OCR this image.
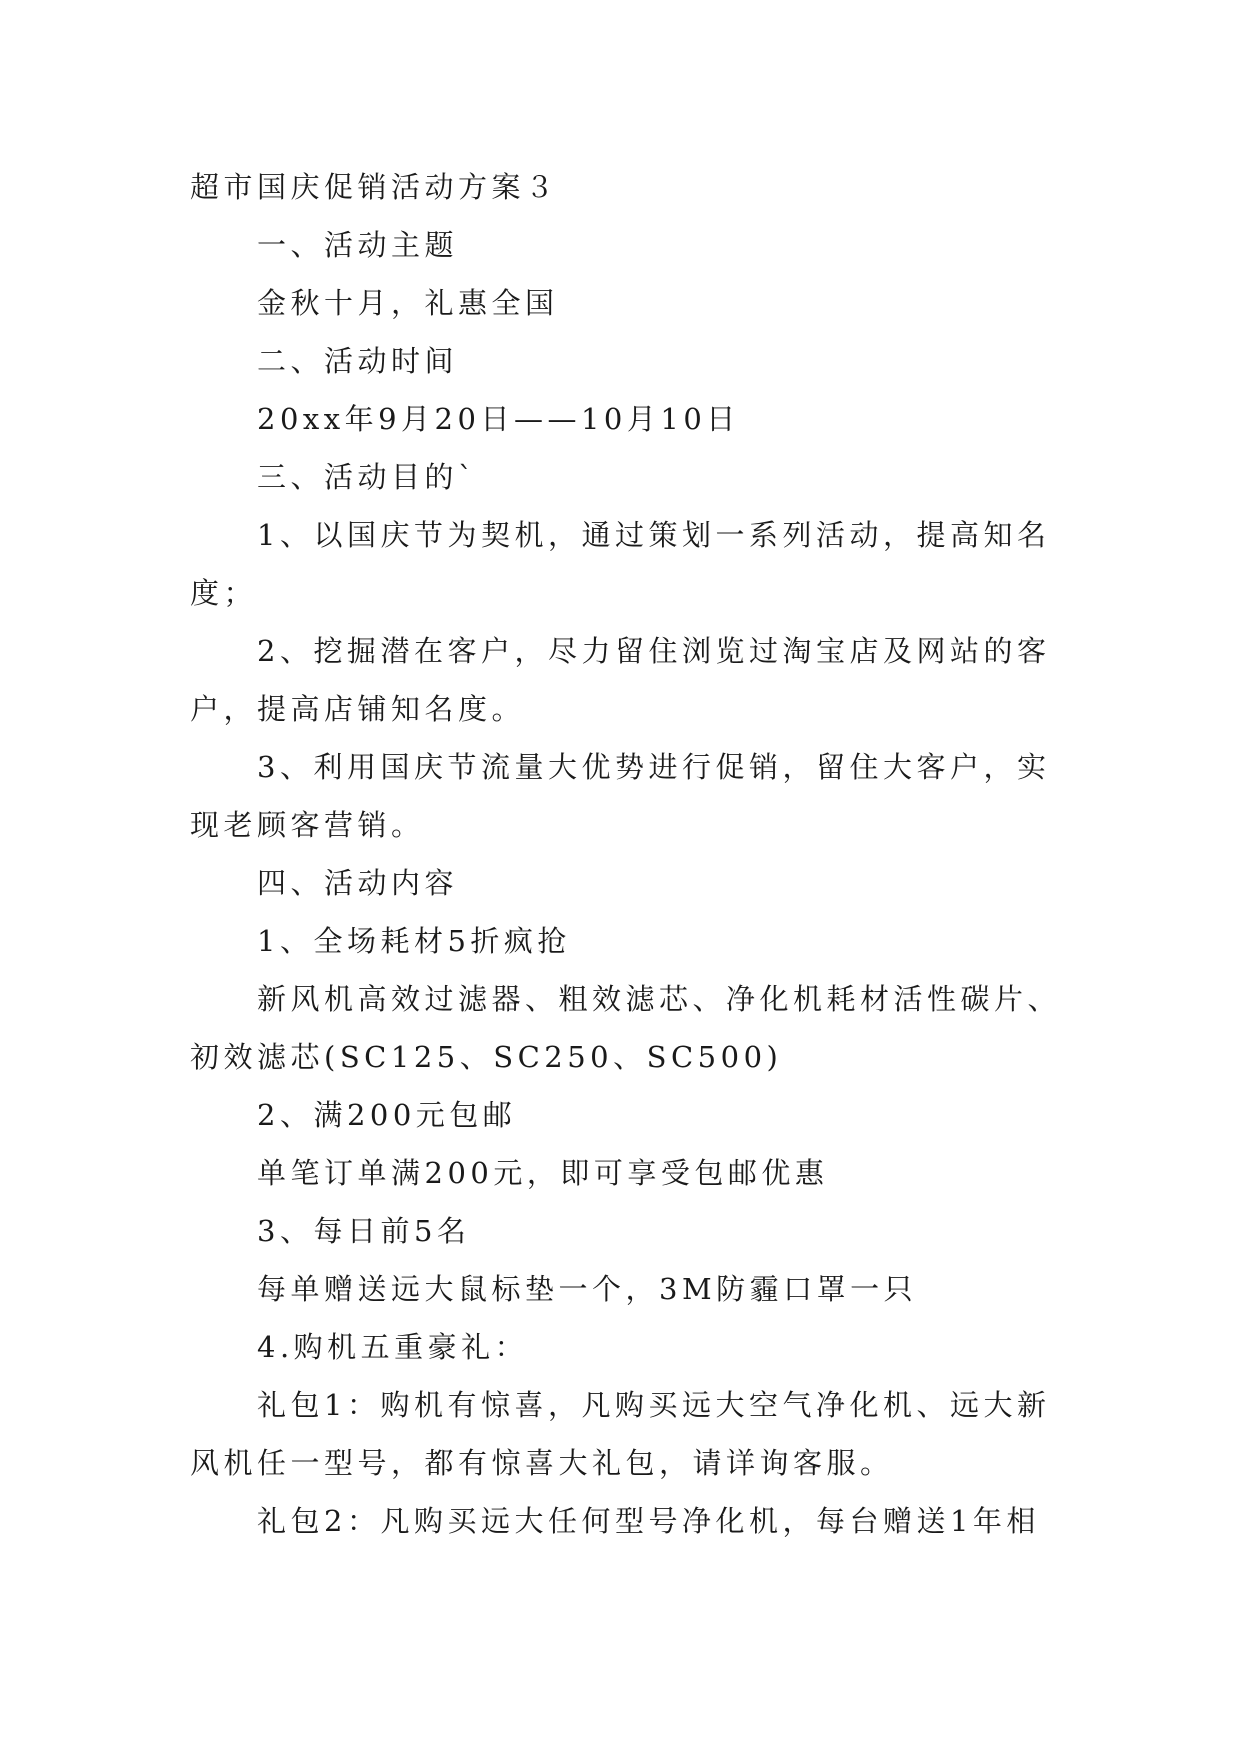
超市国庆促销活动方案３
一、活动主题
金秋十月，礼惠全国
二、活动时间
20xx年9月20日——10月10日
三、活动目的`
1、以国庆节为契机，通过策划一系列活动，提高知名
度；
2、挖掘潜在客户，尽力留住浏览过淘宝店及网站的客
户，提高店铺知名度。
3、利用国庆节流量大优势进行促销，留住大客户，实
现老顾客营销。
四、活动内容
1、全场耗材5折疯抢
新风机高效过滤器、粗效滤芯、净化机耗材活性碳片、
初效滤芯(SC125、SC250、SC500)
2、满200元包邮
单笔订单满200元，即可享受包邮优惠
3、每日前5名
每单赠送远大鼠标垫一个，3M防霾口罩一只
4.购机五重豪礼：
礼包1：购机有惊喜，凡购买远大空气净化机、远大新
风机任一型号，都有惊喜大礼包，请详询客服。
礼包2：凡购买远大任何型号净化机，每台赠送1年相
